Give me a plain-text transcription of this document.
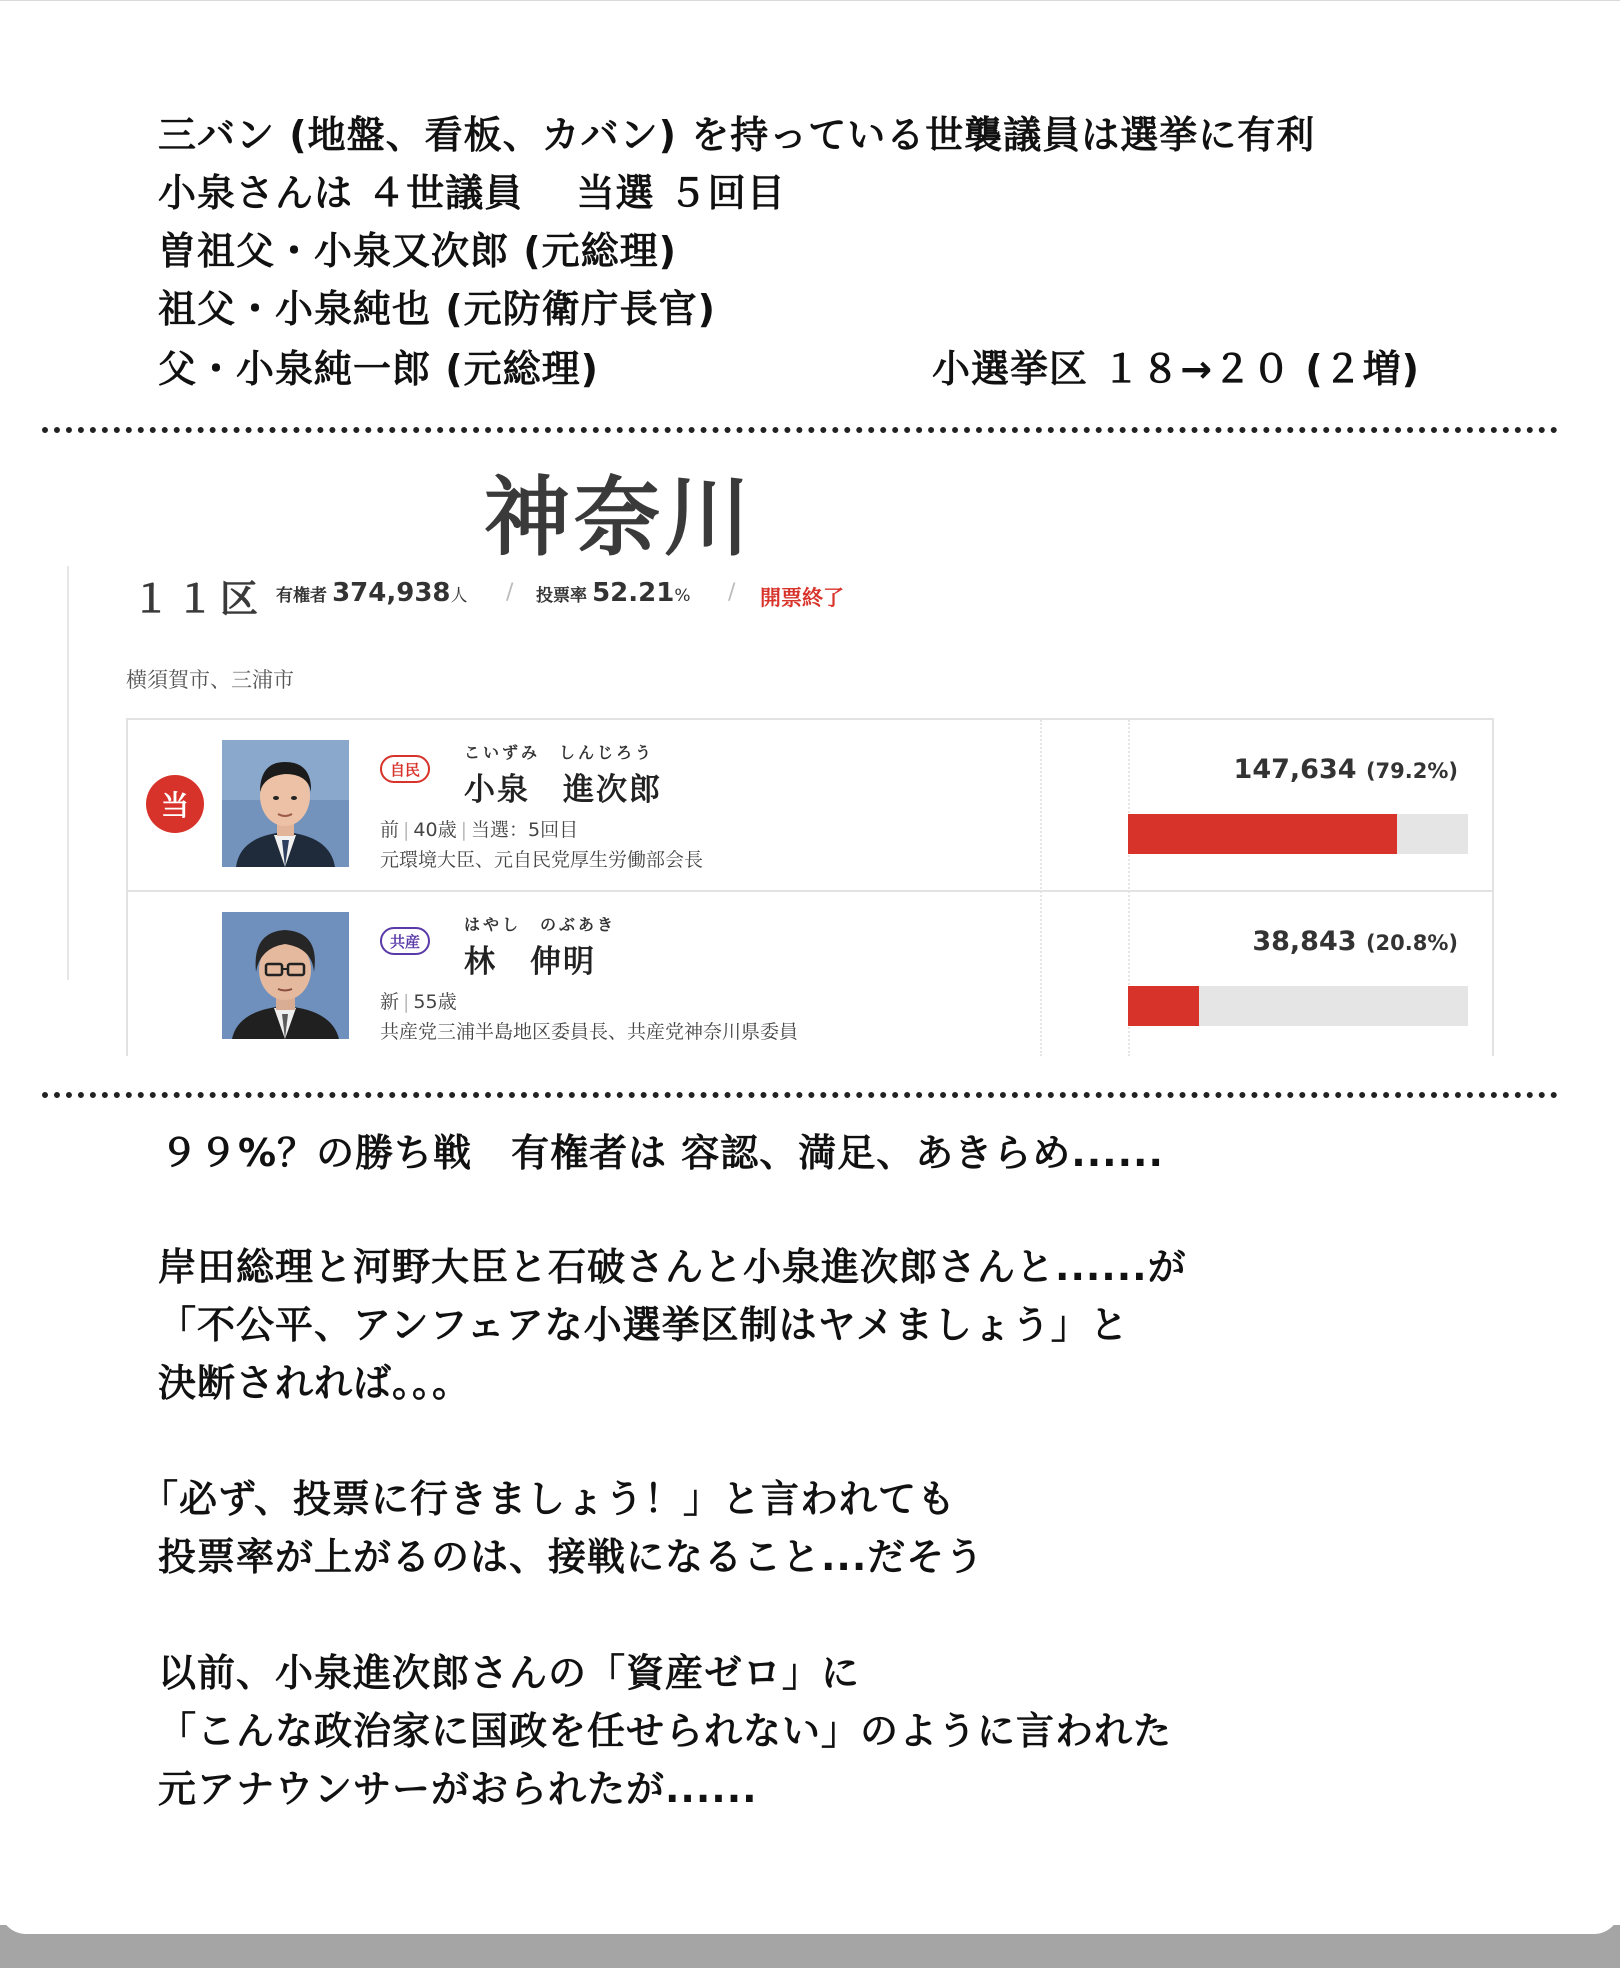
三バン (地盤、看板、カバン) を持っている世襲議員は選挙に有利
小泉さんは ４世議員　 当選 ５回目
曽祖父・小泉又次郎 (元総理)
祖父・小泉純也 (元防衛庁長官)
父・小泉純一郎 (元総理)	小選挙区 １８→２０ (２増)
神奈川
１１区 有権者 374,938人 / 投票率 52.21% / 開票終了
横須賀市、三浦市
当
自民
こいずみ　しんじろう
小泉　進次郎
前 | 40歳 | 当選：5回目
元環境大臣、元自民党厚生労働部会長
147,634 (79.2%)
共産
はやし　のぶあき
林　伸明
新 | 55歳
共産党三浦半島地区委員長、共産党神奈川県委員
38,843 (20.8%)
９９%？の勝ち戦　有権者は 容認、満足、あきらめ......
岸田総理と河野大臣と石破さんと小泉進次郎さんと......が
「不公平、アンフェアな小選挙区制はヤメましょう」と
決断されれば。。。
「必ず、投票に行きましょう！」と言われても
投票率が上がるのは、接戦になること...だそう
以前、小泉進次郎さんの「資産ゼロ」に
「こんな政治家に国政を任せられない」のように言われた
元アナウンサーがおられたが......
